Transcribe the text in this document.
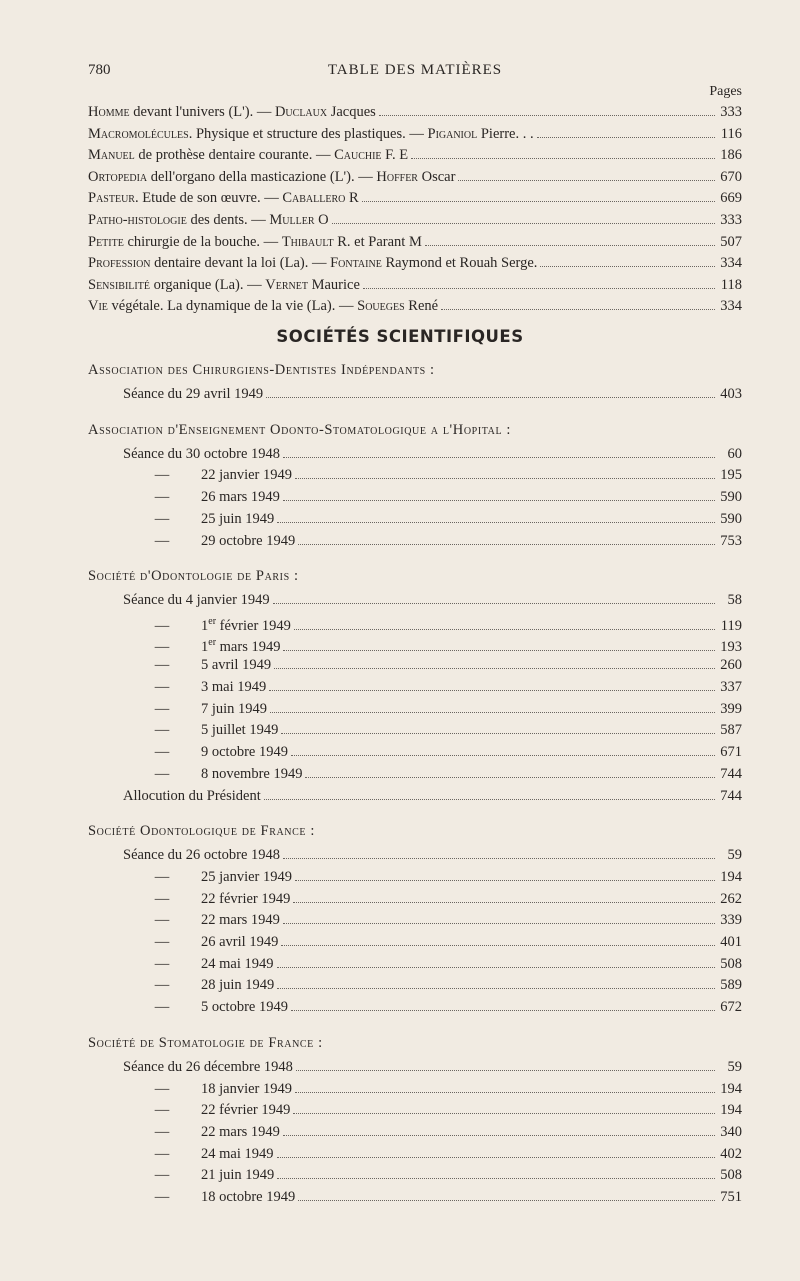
780	TABLE DES MATIÈRES
Pages
Homme devant l'univers (L'). — Duclaux Jacques	333
Macromolécules. Physique et structure des plastiques. — Piganiol Pierre. . .	116
Manuel de prothèse dentaire courante. — Cauchie F. E	186
Ortopedia dell'organo della masticazione (L'). — Hoffer Oscar	670
Pasteur. Etude de son œuvre. — Caballero R	669
Patho-histologie des dents. — Muller O	333
Petite chirurgie de la bouche. — Thibault R. et Parant M	507
Profession dentaire devant la loi (La). — Fontaine Raymond et Rouah Serge.	334
Sensibilité organique (La). — Vernet Maurice	118
Vie végétale. La dynamique de la vie (La). — Soueges René	334
SOCIÉTÉS SCIENTIFIQUES
Association des Chirurgiens-Dentistes Indépendants :
Séance du 29 avril 1949	403
Association d'Enseignement Odonto-Stomatologique a l'Hopital :
Séance du 30 octobre 1948	60
— 22 janvier 1949	195
— 26 mars 1949	590
— 25 juin 1949	590
— 29 octobre 1949	753
Société d'Odontologie de Paris :
Séance du 4 janvier 1949	58
— 1er février 1949	119
— 1er mars 1949	193
— 5 avril 1949	260
— 3 mai 1949	337
— 7 juin 1949	399
— 5 juillet 1949	587
— 9 octobre 1949	671
— 8 novembre 1949	744
Allocution du Président	744
Société Odontologique de France :
Séance du 26 octobre 1948	59
— 25 janvier 1949	194
— 22 février 1949	262
— 22 mars 1949	339
— 26 avril 1949	401
— 24 mai 1949	508
— 28 juin 1949	589
— 5 octobre 1949	672
Société de Stomatologie de France :
Séance du 26 décembre 1948	59
— 18 janvier 1949	194
— 22 février 1949	194
— 22 mars 1949	340
— 24 mai 1949	402
— 21 juin 1949	508
— 18 octobre 1949	751
